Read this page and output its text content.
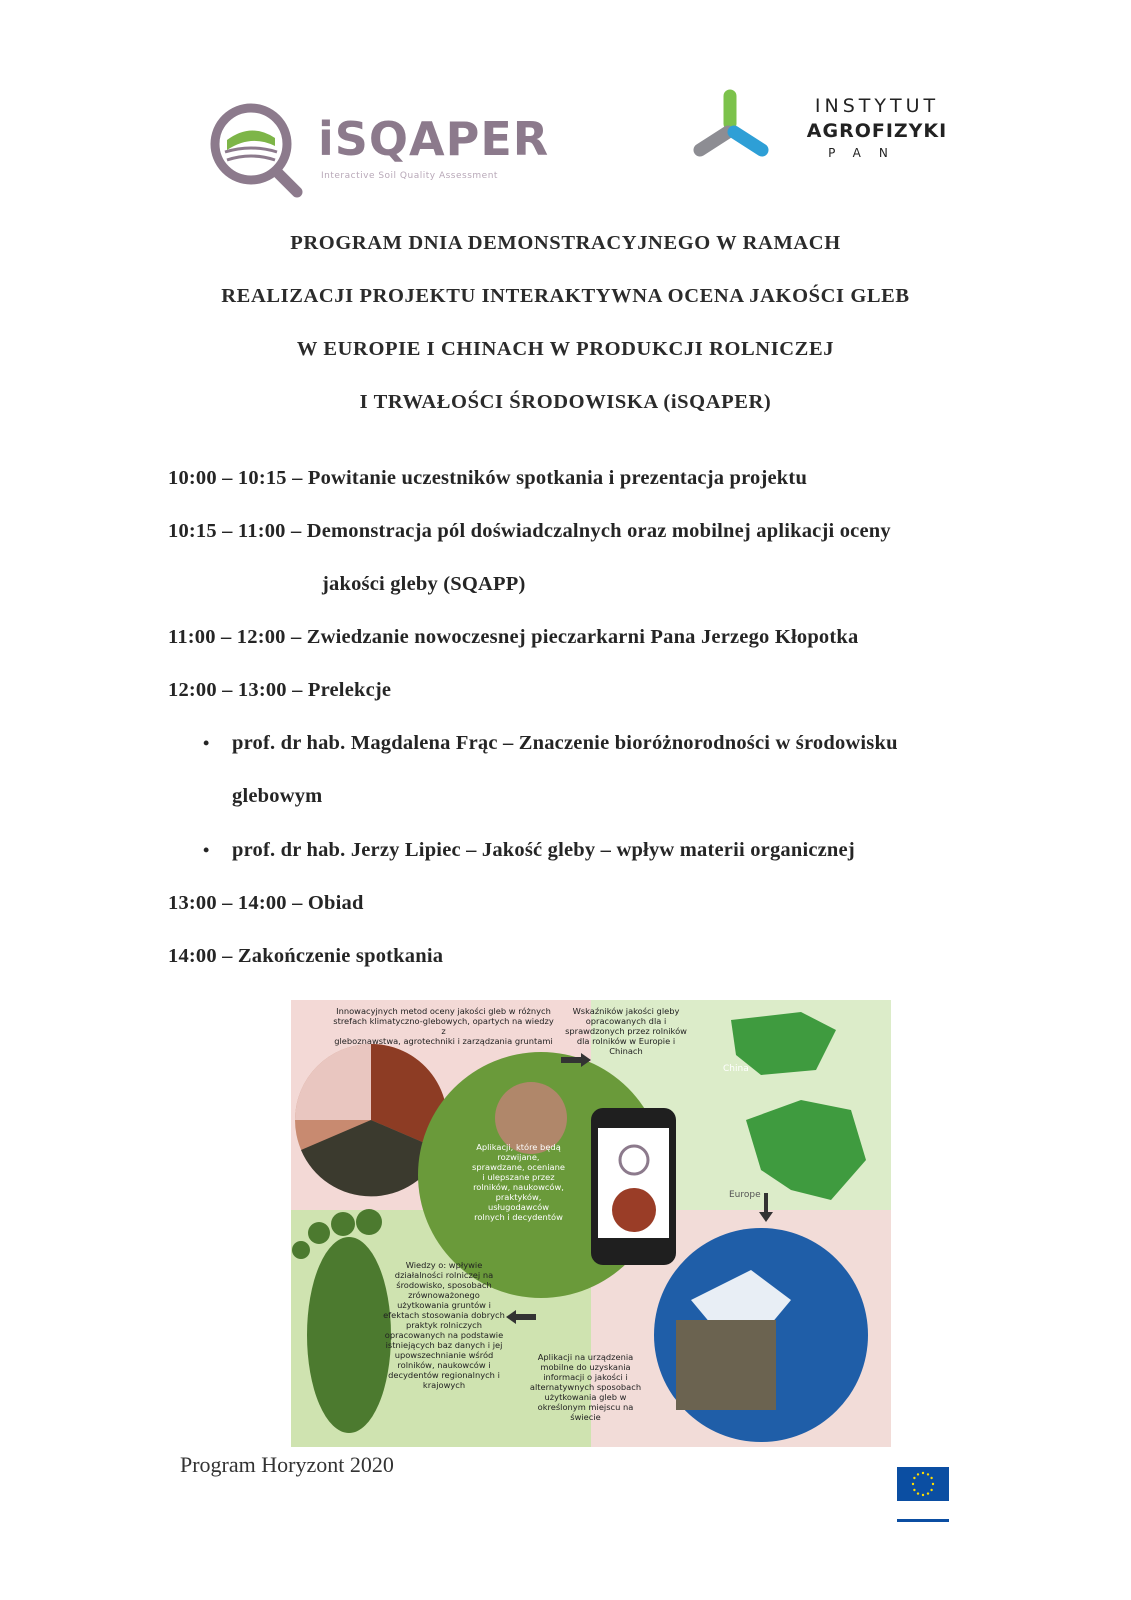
iSQAPER
Interactive Soil Quality Assessment
INSTYTUT
AGROFIZYKI
PAN
PROGRAM DNIA DEMONSTRACYJNEGO W RAMACH
REALIZACJI PROJEKTU INTERAKTYWNA OCENA JAKOŚCI GLEB
W EUROPIE I CHINACH W PRODUKCJI ROLNICZEJ
I TRWAŁOŚCI ŚRODOWISKA (iSQAPER)
10:00 – 10:15 – Powitanie uczestników spotkania i prezentacja projektu
10:15 – 11:00 – Demonstracja pól doświadczalnych oraz mobilnej aplikacji oceny
jakości gleby (SQAPP)
11:00 – 12:00 – Zwiedzanie nowoczesnej pieczarkarni Pana Jerzego Kłopotka
12:00 – 13:00 – Prelekcje
• prof. dr hab. Magdalena Frąc – Znaczenie bioróżnorodności w środowisku
glebowym
• prof. dr hab. Jerzy Lipiec – Jakość gleby – wpływ materii organicznej
13:00 – 14:00 – Obiad
14:00 – Zakończenie spotkania
Innowacyjnych metod oceny jakości gleb w różnych
strefach klimatyczno-glebowych, opartych na wiedzy z
gleboznawstwa, agrotechniki i zarządzania gruntami
Wskaźników jakości gleby
opracowanych dla i
sprawdzonych przez rolników
dla rolników w Europie i
Chinach
Aplikacji, które będą
rozwijane,
sprawdzane, oceniane
i ulepszane przez
rolników, naukowców,
praktyków,
usługodawców
rolnych i decydentów
Wiedzy o: wpływie
działalności rolniczej na
środowisko, sposobach
zrównoważonego
użytkowania gruntów i
efektach stosowania dobrych
praktyk rolniczych
opracowanych na podstawie
istniejących baz danych i jej
upowszechnianie wśród
rolników, naukowców i
decydentów regionalnych i
krajowych
Aplikacji na urządzenia
mobilne do uzyskania
informacji o jakości i
alternatywnych sposobach
użytkowania gleb w
określonym miejscu na
świecie
China
Europe
Program Horyzont 2020
